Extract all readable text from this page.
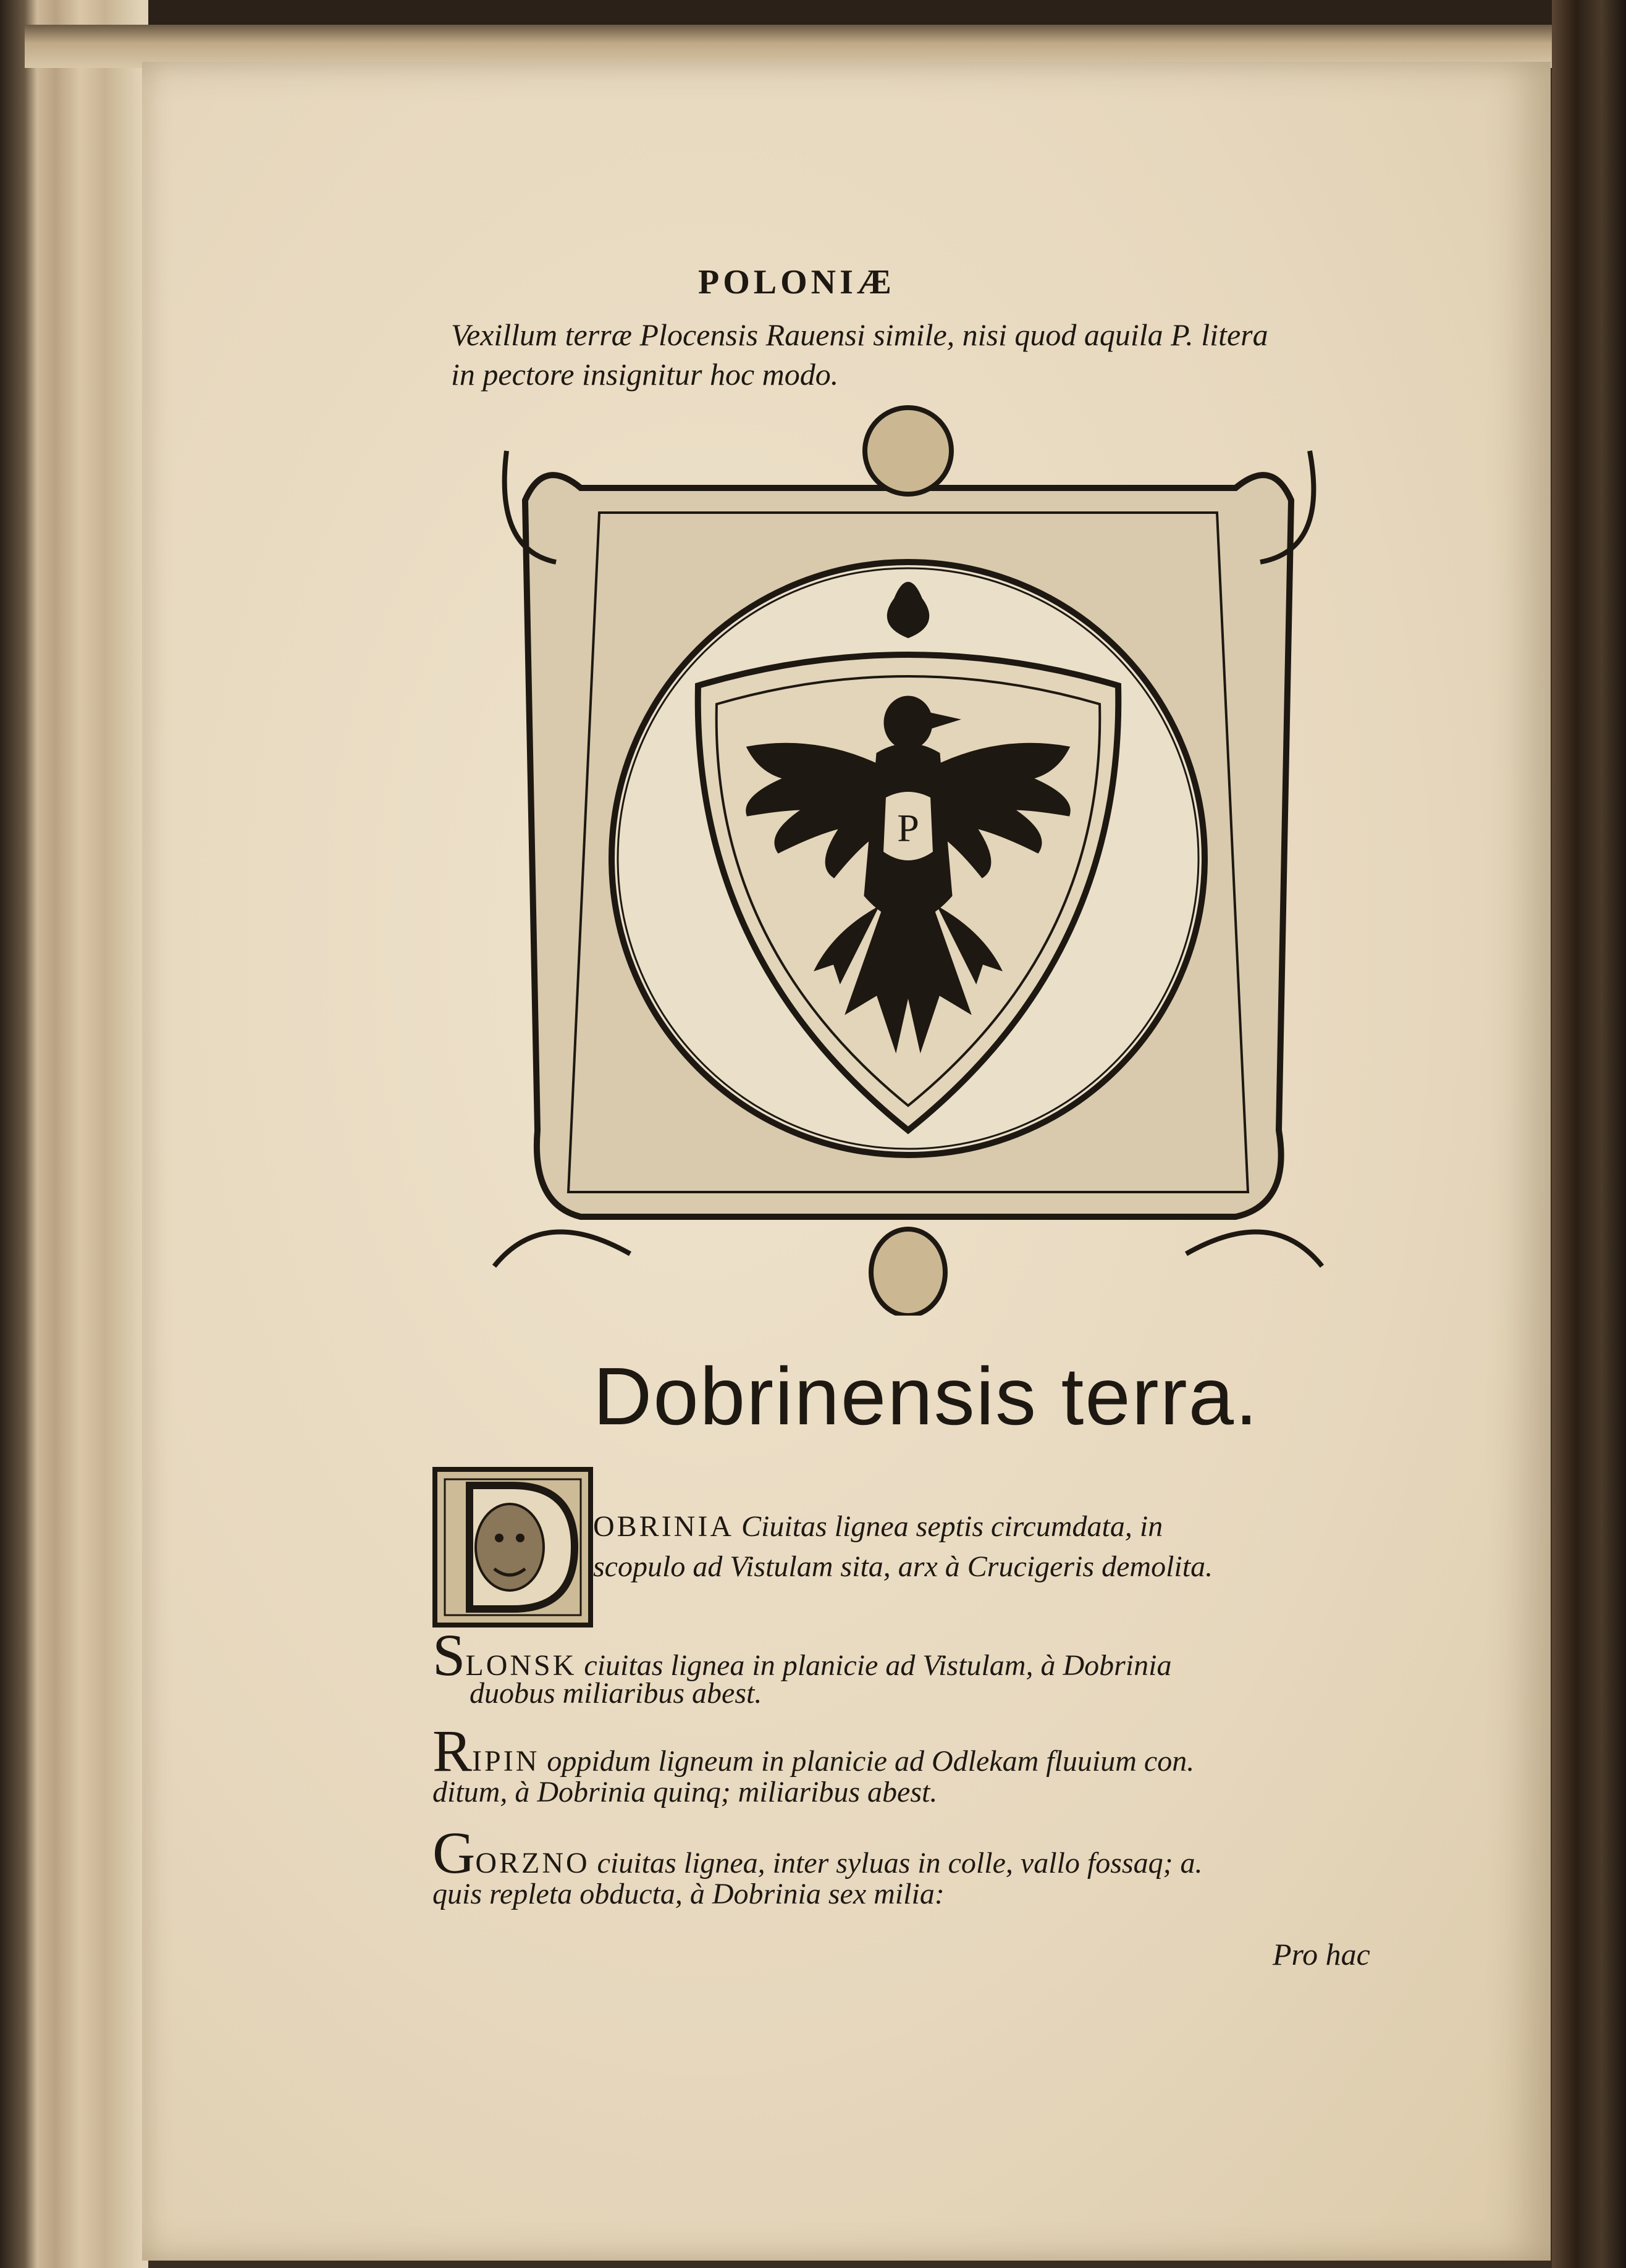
POLONIÆ
Vexillum terræ Plocensis Rauensi simile, nisi quod aquila P. litera
in pectore insignitur hoc modo.
P
Dobrinensis terra.
OBRINIA Ciuitas lignea septis circumdata, in
scopulo ad Vistulam sita, arx à Crucigeris demolita.
SLONSK ciuitas lignea in planicie ad Vistulam, à Dobrinia
duobus miliaribus abest.
RIPIN oppidum ligneum in planicie ad Odlekam fluuium con.
ditum, à Dobrinia quinq; miliaribus abest.
GORZNO ciuitas lignea, inter syluas in colle, vallo fossaq; a.
quis repleta obducta, à Dobrinia sex milia:
Pro hac
